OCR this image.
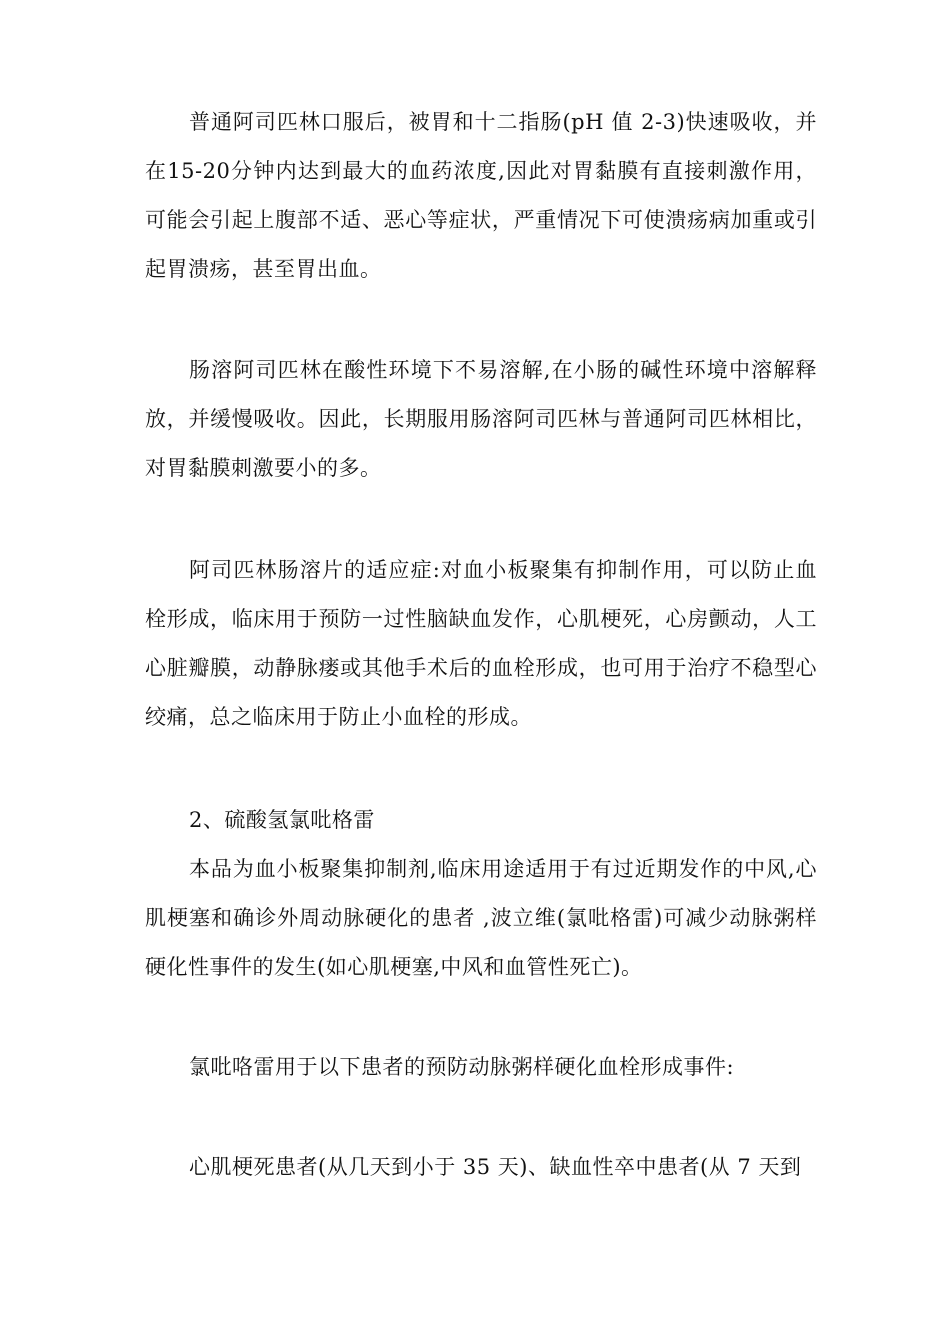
普通阿司匹林口服后，被胃和十二指肠(pH 值 2-3)快速吸收，并在15-20分钟内达到最大的血药浓度,因此对胃黏膜有直接刺激作用，可能会引起上腹部不适、恶心等症状，严重情况下可使溃疡病加重或引起胃溃疡，甚至胃出血。

肠溶阿司匹林在酸性环境下不易溶解,在小肠的碱性环境中溶解释放，并缓慢吸收。因此，长期服用肠溶阿司匹林与普通阿司匹林相比，对胃黏膜刺激要小的多。

阿司匹林肠溶片的适应症:对血小板聚集有抑制作用，可以防止血栓形成，临床用于预防一过性脑缺血发作，心肌梗死，心房颤动，人工心脏瓣膜，动静脉瘘或其他手术后的血栓形成，也可用于治疗不稳型心绞痛，总之临床用于防止小血栓的形成。

2、硫酸氢氯吡格雷

本品为血小板聚集抑制剂,临床用途适用于有过近期发作的中风,心肌梗塞和确诊外周动脉硬化的患者 ,波立维(氯吡格雷)可减少动脉粥样硬化性事件的发生(如心肌梗塞,中风和血管性死亡)。

氯吡咯雷用于以下患者的预防动脉粥样硬化血栓形成事件:

心肌梗死患者(从几天到小于 35 天)、缺血性卒中患者(从 7 天到
